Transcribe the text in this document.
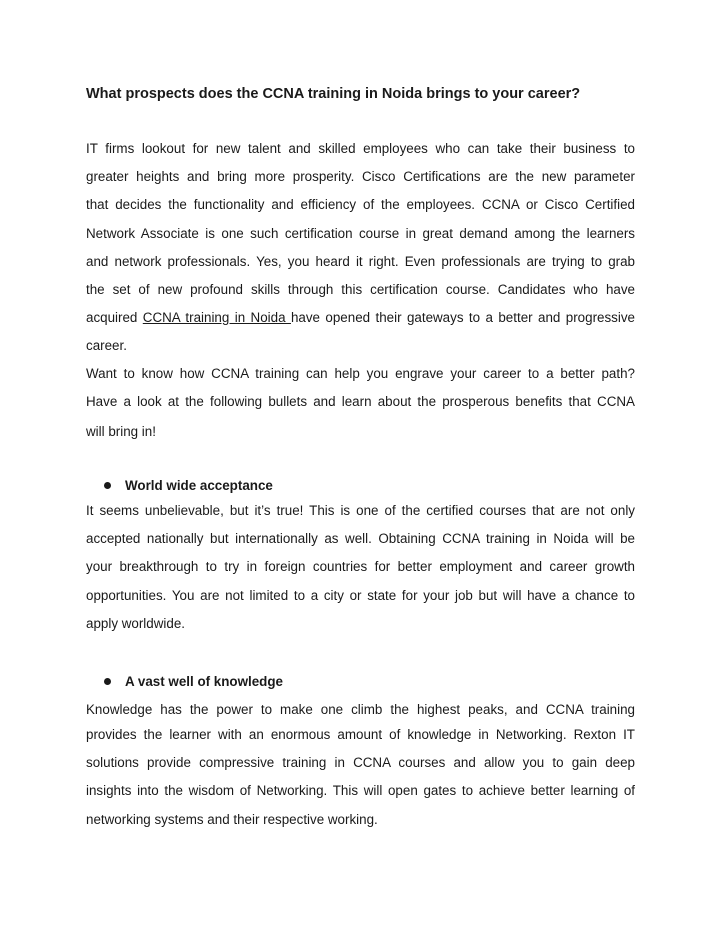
What prospects does the CCNA training in Noida brings to your career?
IT firms lookout for new talent and skilled employees who can take their business to
greater heights and bring more prosperity. Cisco Certifications are the new parameter
that decides the functionality and efficiency of the employees. CCNA or Cisco Certified
Network Associate is one such certification course in great demand among the learners
and network professionals. Yes, you heard it right. Even professionals are trying to grab
the set of new profound skills through this certification course. Candidates who have
acquired CCNA training in Noida have opened their gateways to a better and progressive
career.
Want to know how CCNA training can help you engrave your career to a better path?
Have a look at the following bullets and learn about the prosperous benefits that CCNA
will bring in!
World wide acceptance
It seems unbelievable, but it’s true! This is one of the certified courses that are not only
accepted nationally but internationally as well. Obtaining CCNA training in Noida will be
your breakthrough to try in foreign countries for better employment and career growth
opportunities. You are not limited to a city or state for your job but will have a chance to
apply worldwide.
A vast well of knowledge
Knowledge has the power to make one climb the highest peaks, and CCNA training
provides the learner with an enormous amount of knowledge in Networking. Rexton IT
solutions provide compressive training in CCNA courses and allow you to gain deep
insights into the wisdom of Networking. This will open gates to achieve better learning of
networking systems and their respective working.
